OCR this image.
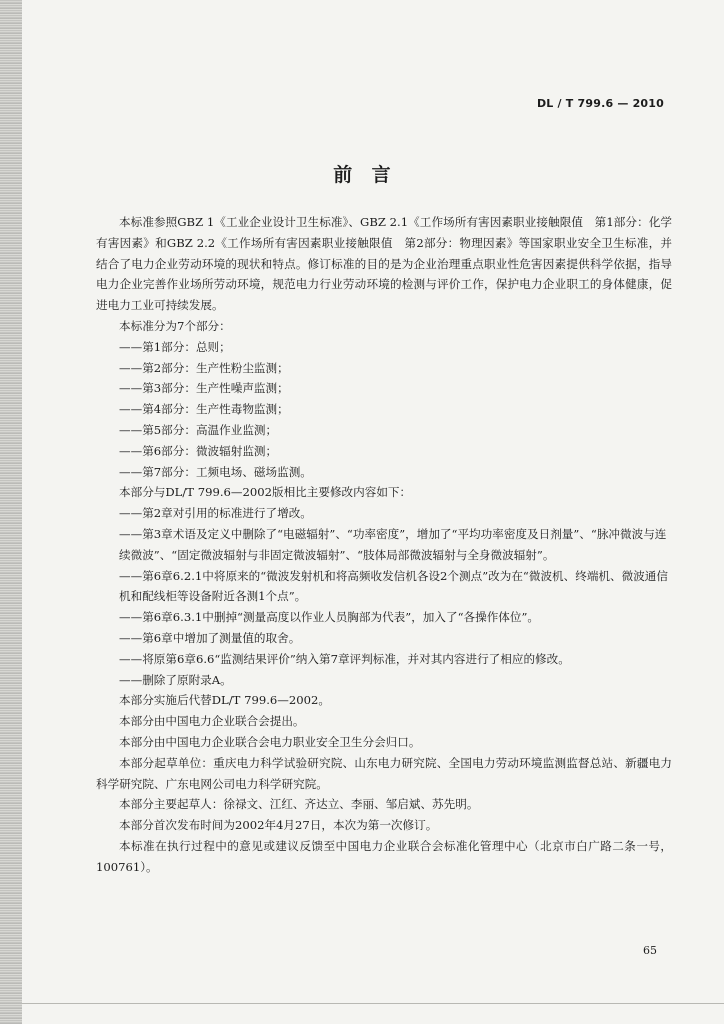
DL / T 799.6 — 2010
前　言

本标准参照GBZ 1《工业企业设计卫生标准》、GBZ 2.1《工作场所有害因素职业接触限值　第1部分：化学有害因素》和GBZ 2.2《工作场所有害因素职业接触限值　第2部分：物理因素》等国家职业安全卫生标准，并结合了电力企业劳动环境的现状和特点。修订标准的目的是为企业治理重点职业性危害因素提供科学依据，指导电力企业完善作业场所劳动环境，规范电力行业劳动环境的检测与评价工作，保护电力企业职工的身体健康，促进电力工业可持续发展。

本标准分为7个部分：

——第1部分：总则；

——第2部分：生产性粉尘监测；

——第3部分：生产性噪声监测；

——第4部分：生产性毒物监测；

——第5部分：高温作业监测；

——第6部分：微波辐射监测；

——第7部分：工频电场、磁场监测。

本部分与DL/T 799.6—2002版相比主要修改内容如下：

——第2章对引用的标准进行了增改。

——第3章术语及定义中删除了“电磁辐射”、“功率密度”，增加了“平均功率密度及日剂量”、“脉冲微波与连续微波”、“固定微波辐射与非固定微波辐射”、“肢体局部微波辐射与全身微波辐射”。

——第6章6.2.1中将原来的“微波发射机和将高频收发信机各设2个测点”改为在“微波机、终端机、微波通信机和配线柜等设备附近各测1个点”。

——第6章6.3.1中删掉“测量高度以作业人员胸部为代表”，加入了“各操作体位”。

——第6章中增加了测量值的取舍。

——将原第6章6.6“监测结果评价”纳入第7章评判标准，并对其内容进行了相应的修改。

——删除了原附录A。

本部分实施后代替DL/T 799.6—2002。

本部分由中国电力企业联合会提出。

本部分由中国电力企业联合会电力职业安全卫生分会归口。

本部分起草单位：重庆电力科学试验研究院、山东电力研究院、全国电力劳动环境监测监督总站、新疆电力科学研究院、广东电网公司电力科学研究院。

本部分主要起草人：徐禄文、江红、齐达立、李丽、邹启斌、苏先明。

本部分首次发布时间为2002年4月27日，本次为第一次修订。

本标准在执行过程中的意见或建议反馈至中国电力企业联合会标准化管理中心（北京市白广路二条一号，100761）。

65
